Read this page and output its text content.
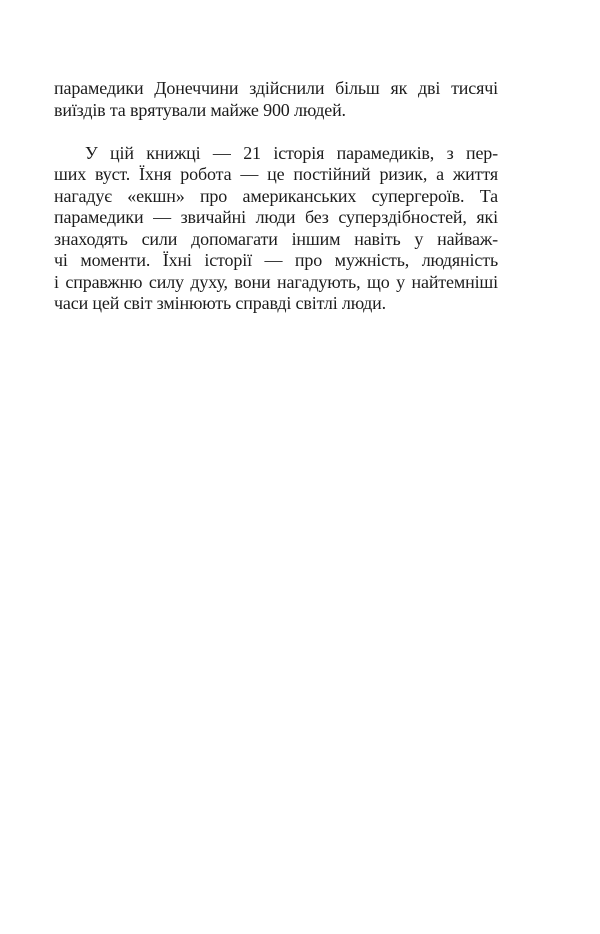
парамедики Донеччини здійснили більш як дві тисячі
виїздів та врятували майже 900 людей.
У цій книжці — 21 історія парамедиків, з пер-
ших вуст. Їхня робота — це постійний ризик, а життя
нагадує «екшн» про американських супергероїв. Та
парамедики — звичайні люди без суперздібностей, які
знаходять сили допомагати іншим навіть у найваж-
чі моменти. Їхні історії — про мужність, людяність
і справжню силу духу, вони нагадують, що у найтемніші
часи цей світ змінюють справді світлі люди.
